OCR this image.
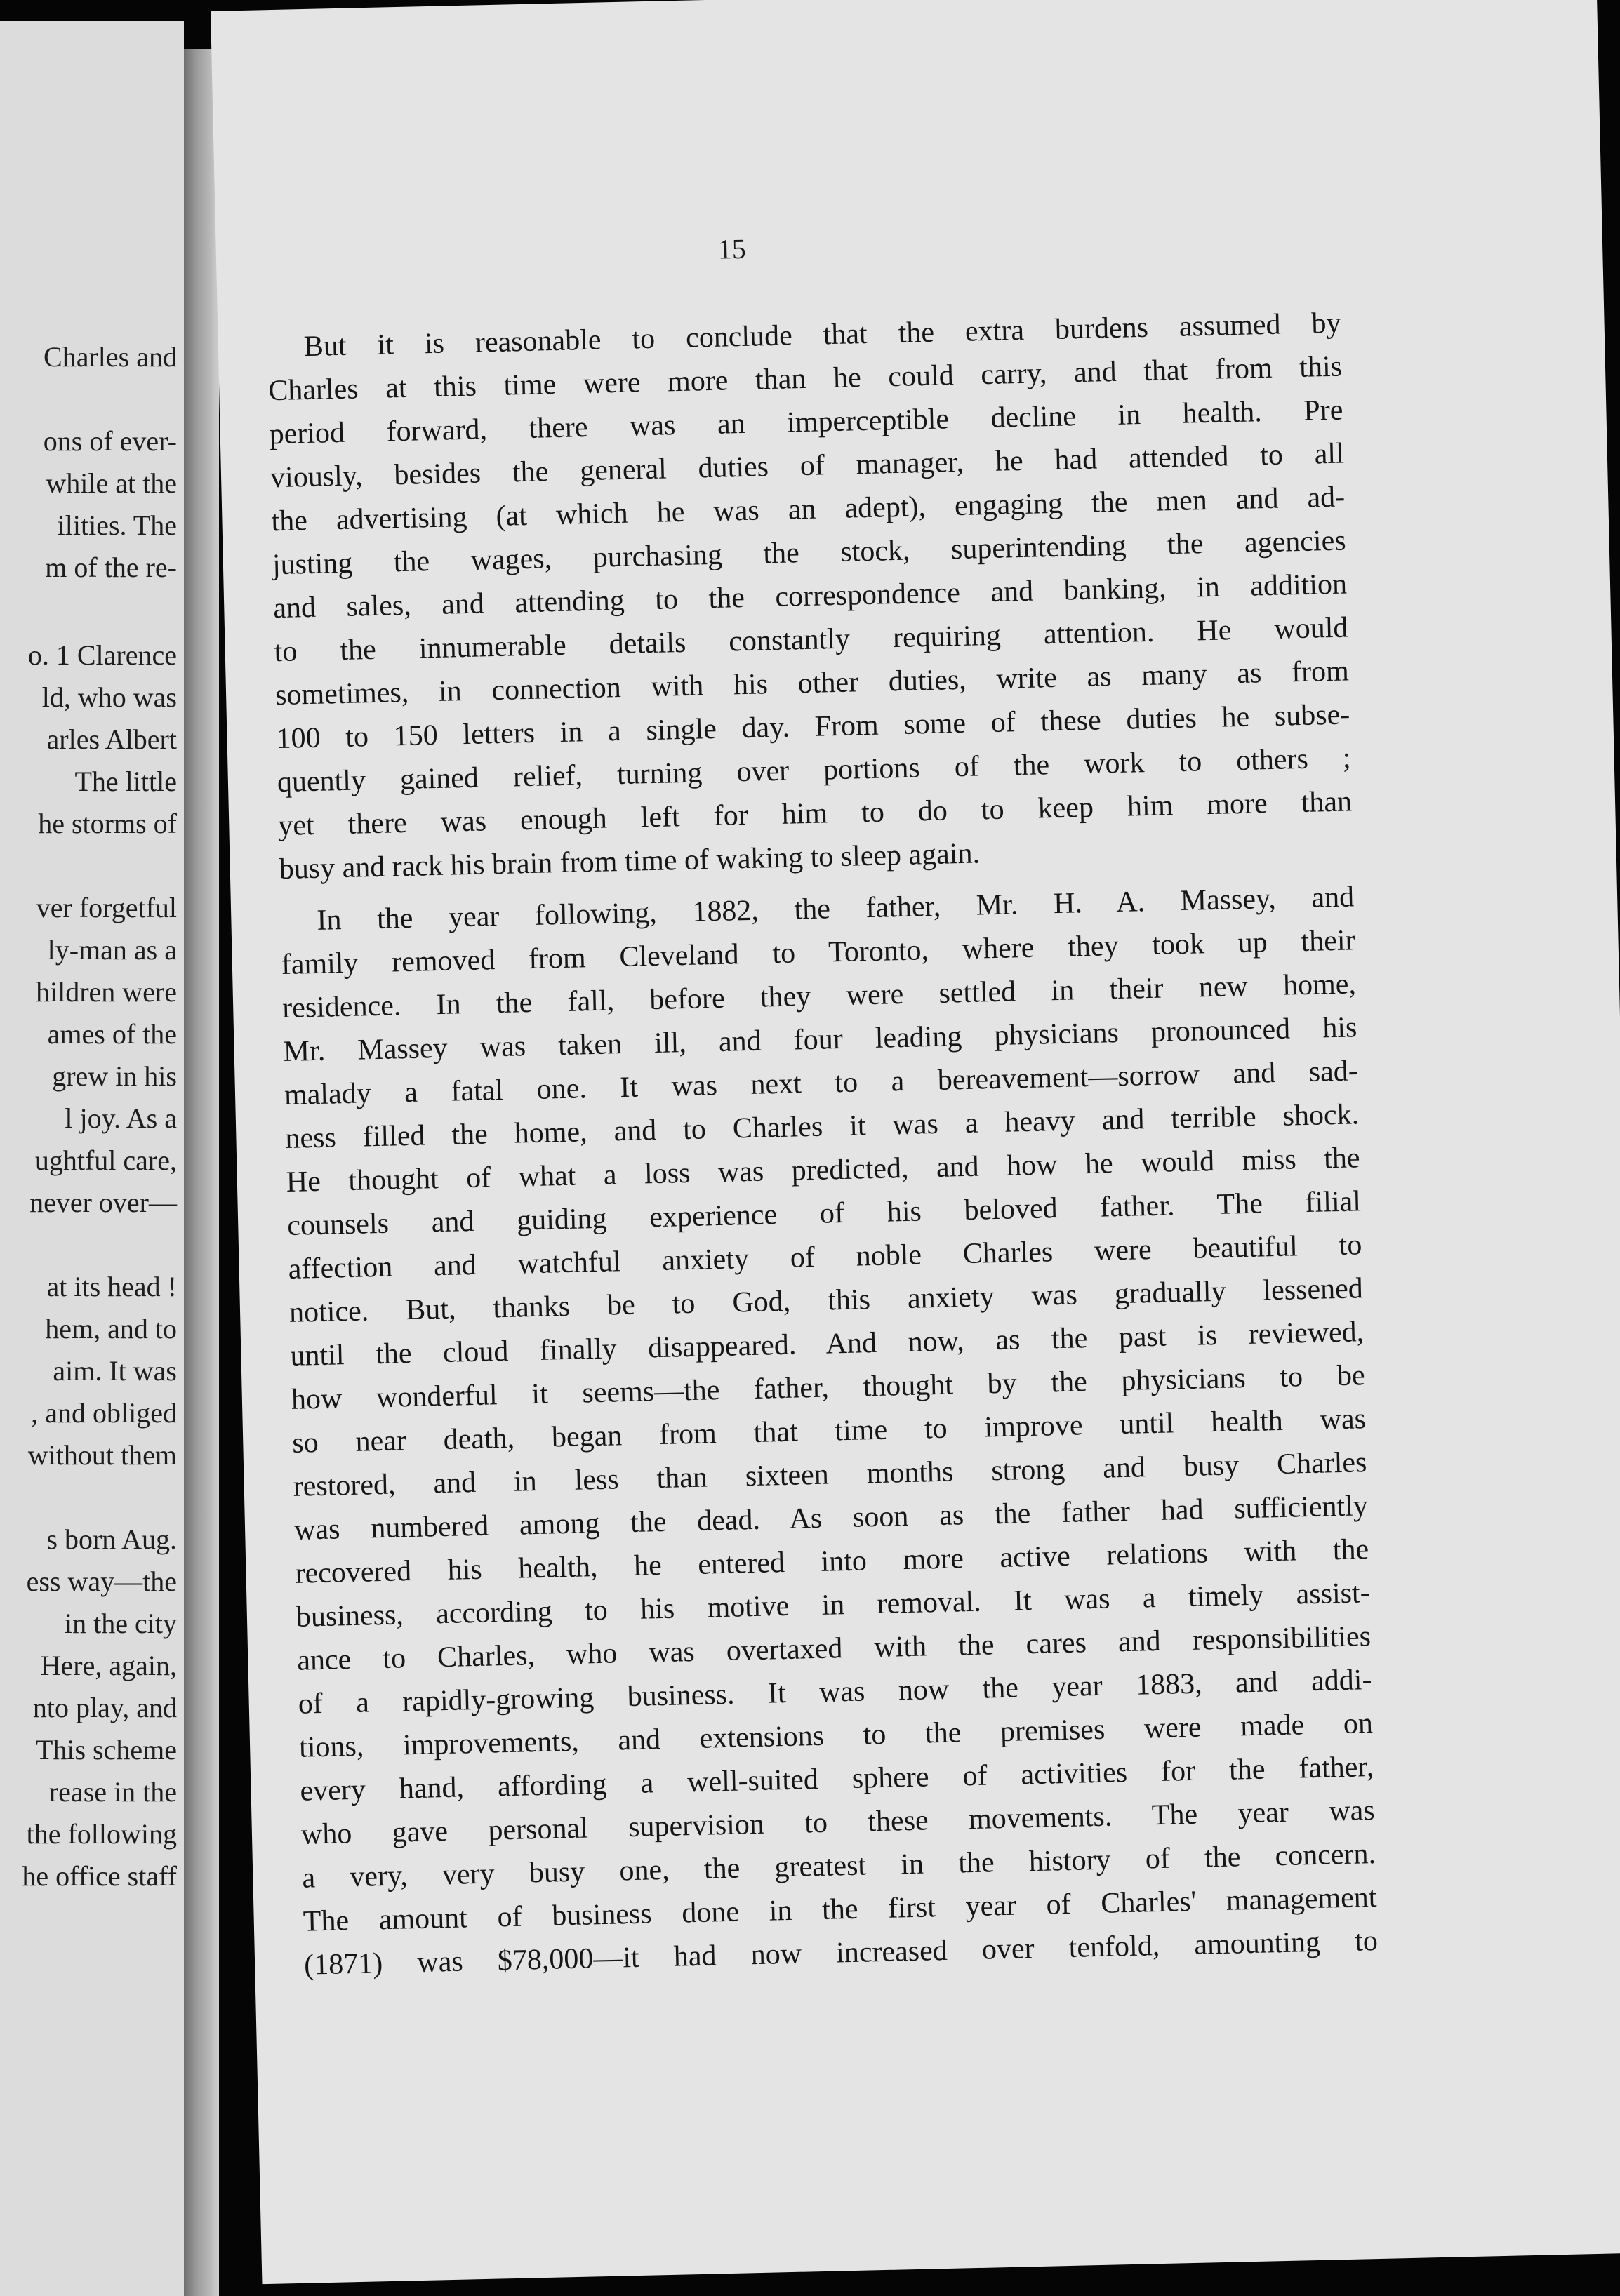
Charles and
ons of ever-
while at the
ilities. The
m of the re-
o. 1 Clarence
ld, who was
arles Albert
The little
he storms of
ver forgetful
ly-man as a
hildren were
ames of the
grew in his
l joy. As a
ughtful care,
never over—
at its head !
hem, and to
aim. It was
, and obliged
without them
s born Aug.
ess way—the
in the city
Here, again,
nto play, and
This scheme
rease in the
the following
he office staff
15
But it is reasonable to conclude that the extra burdens assumed by
Charles at this time were more than he could carry, and that from this
period forward, there was an imperceptible decline in health. Pre
viously, besides the general duties of manager, he had attended to all
the advertising (at which he was an adept), engaging the men and ad-
justing the wages, purchasing the stock, superintending the agencies
and sales, and attending to the correspondence and banking, in addition
to the innumerable details constantly requiring attention. He would
sometimes, in connection with his other duties, write as many as from
100 to 150 letters in a single day. From some of these duties he subse-
quently gained relief, turning over portions of the work to others ;
yet there was enough left for him to do to keep him more than
busy and rack his brain from time of waking to sleep again.
In the year following, 1882, the father, Mr. H. A. Massey, and
family removed from Cleveland to Toronto, where they took up their
residence. In the fall, before they were settled in their new home,
Mr. Massey was taken ill, and four leading physicians pronounced his
malady a fatal one. It was next to a bereavement—sorrow and sad-
ness filled the home, and to Charles it was a heavy and terrible shock.
He thought of what a loss was predicted, and how he would miss the
counsels and guiding experience of his beloved father. The filial
affection and watchful anxiety of noble Charles were beautiful to
notice. But, thanks be to God, this anxiety was gradually lessened
until the cloud finally disappeared. And now, as the past is reviewed,
how wonderful it seems—the father, thought by the physicians to be
so near death, began from that time to improve until health was
restored, and in less than sixteen months strong and busy Charles
was numbered among the dead. As soon as the father had sufficiently
recovered his health, he entered into more active relations with the
business, according to his motive in removal. It was a timely assist-
ance to Charles, who was overtaxed with the cares and responsibilities
of a rapidly-growing business. It was now the year 1883, and addi-
tions, improvements, and extensions to the premises were made on
every hand, affording a well-suited sphere of activities for the father,
who gave personal supervision to these movements. The year was
a very, very busy one, the greatest in the history of the concern.
The amount of business done in the first year of Charles' management
(1871) was $78,000—it had now increased over tenfold, amounting to
